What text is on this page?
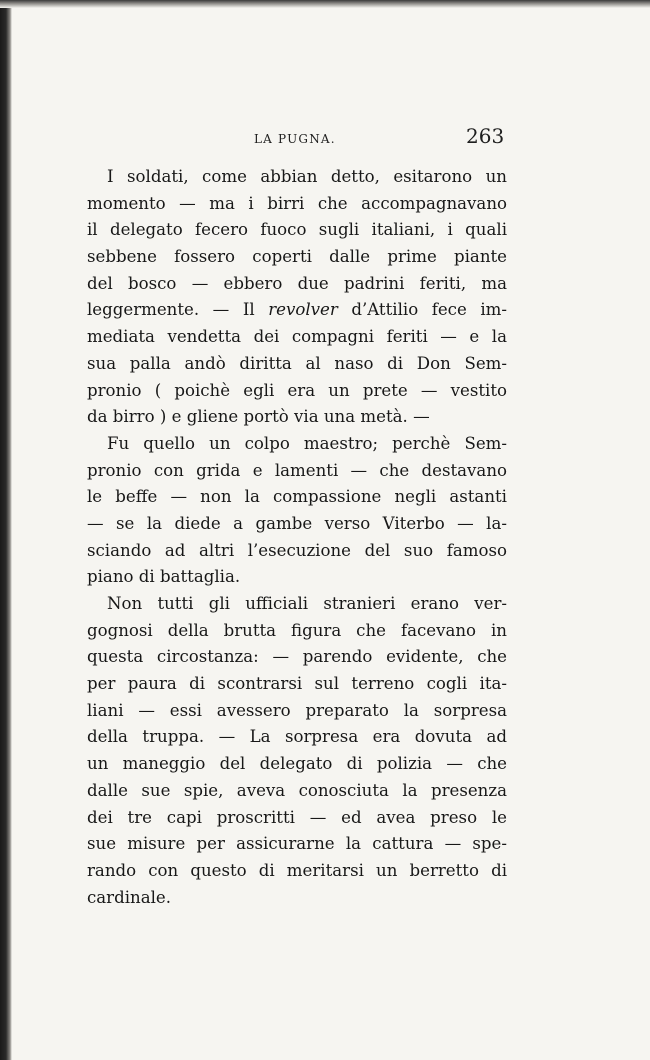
LA PUGNA.	263

I soldati, come abbian detto, esitarono un
momento — ma i birri che accompagnavano
il delegato fecero fuoco sugli italiani, i quali
sebbene fossero coperti dalle prime piante
del bosco — ebbero due padrini feriti, ma
leggermente. — Il revolver d’Attilio fece im-
mediata vendetta dei compagni feriti — e la
sua palla andò diritta al naso di Don Sem-
pronio ( poichè egli era un prete — vestito
da birro ) e gliene portò via una metà. —

Fu quello un colpo maestro; perchè Sem-
pronio con grida e lamenti — che destavano
le beffe — non la compassione negli astanti
— se la diede a gambe verso Viterbo — la-
sciando ad altri l’esecuzione del suo famoso
piano di battaglia.

Non tutti gli ufficiali stranieri erano ver-
gognosi della brutta figura che facevano in
questa circostanza: — parendo evidente, che
per paura di scontrarsi sul terreno cogli ita-
liani — essi avessero preparato la sorpresa
della truppa. — La sorpresa era dovuta ad
un maneggio del delegato di polizia — che
dalle sue spie, aveva conosciuta la presenza
dei tre capi proscritti — ed avea preso le
sue misure per assicurarne la cattura — spe-
rando con questo di meritarsi un berretto di
cardinale.
